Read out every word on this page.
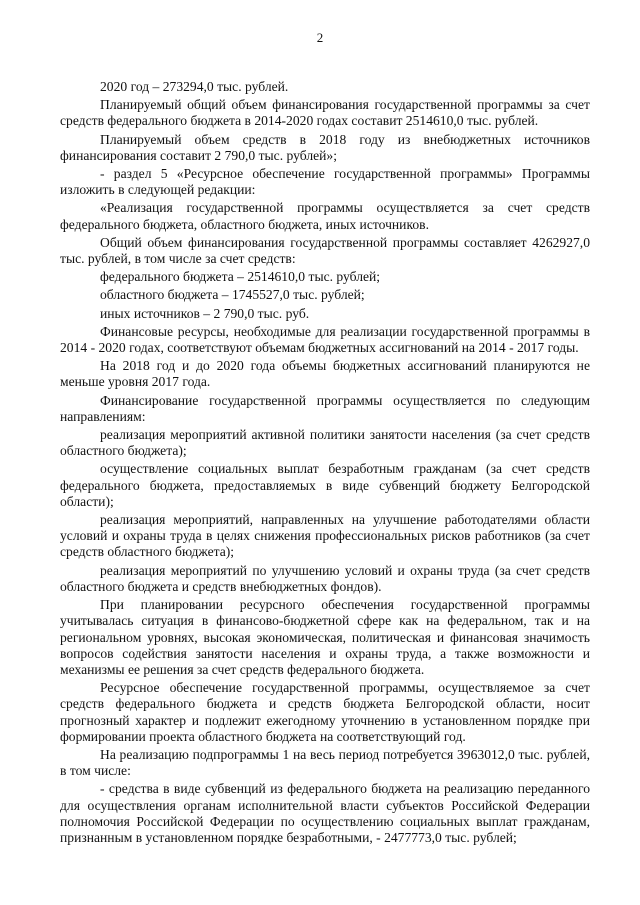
2

2020 год – 273294,0 тыс. рублей.

Планируемый общий объем финансирования государственной программы за счет средств федерального бюджета в 2014-2020 годах составит 2514610,0 тыс. рублей.

Планируемый объем средств в 2018 году из внебюджетных источников финансирования составит 2 790,0 тыс. рублей»;

- раздел 5 «Ресурсное обеспечение государственной программы» Программы изложить в следующей редакции:

«Реализация государственной программы осуществляется за счет средств федерального бюджета, областного бюджета, иных источников.

Общий объем финансирования государственной программы составляет 4262927,0 тыс. рублей, в том числе за счет средств:

федерального бюджета – 2514610,0 тыс. рублей;

областного бюджета – 1745527,0 тыс. рублей;

иных источников – 2 790,0 тыс. руб.

Финансовые ресурсы, необходимые для реализации государственной программы в 2014 - 2020 годах, соответствуют объемам бюджетных ассигнований на 2014 - 2017 годы.

На 2018 год и до 2020 года объемы бюджетных ассигнований планируются не меньше уровня 2017 года.

Финансирование государственной программы осуществляется по следующим направлениям:

реализация мероприятий активной политики занятости населения (за счет средств областного бюджета);

осуществление социальных выплат безработным гражданам (за счет средств федерального бюджета, предоставляемых в виде субвенций бюджету Белгородской области);

реализация мероприятий, направленных на улучшение работодателями области условий и охраны труда в целях снижения профессиональных рисков работников (за счет средств областного бюджета);

реализация мероприятий по улучшению условий и охраны труда (за счет средств областного бюджета и средств внебюджетных фондов).

При планировании ресурсного обеспечения государственной программы учитывалась ситуация в финансово-бюджетной сфере как на федеральном, так и на региональном уровнях, высокая экономическая, политическая и финансовая значимость вопросов содействия занятости населения и охраны труда, а также возможности и механизмы ее решения за счет средств федерального бюджета.

Ресурсное обеспечение государственной программы, осуществляемое за счет средств федерального бюджета и средств бюджета Белгородской области, носит прогнозный характер и подлежит ежегодному уточнению в установленном порядке при формировании проекта областного бюджета на соответствующий год.

На реализацию подпрограммы 1 на весь период потребуется 3963012,0 тыс. рублей, в том числе:

- средства в виде субвенций из федерального бюджета на реализацию переданного для осуществления органам исполнительной власти субъектов Российской Федерации полномочия Российской Федерации по осуществлению социальных выплат гражданам, признанным в установленном порядке безработными, - 2477773,0 тыс. рублей;
